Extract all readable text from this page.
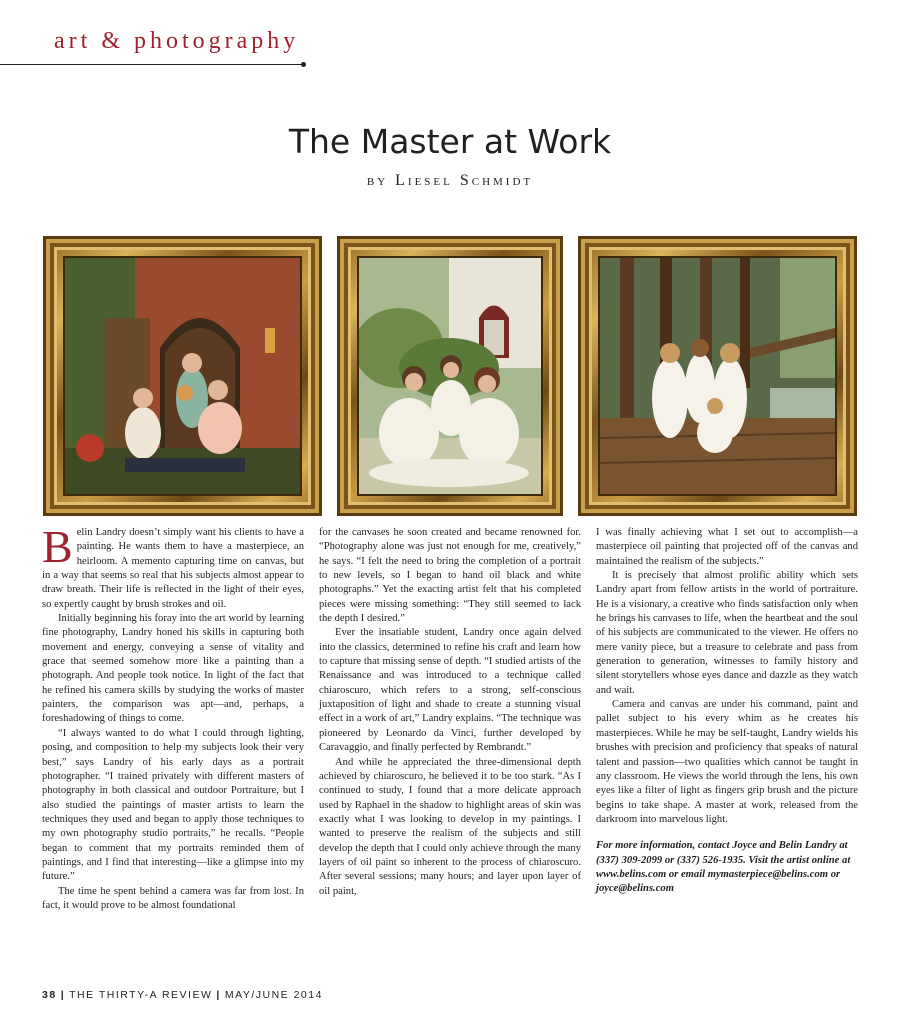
art & photography
The Master at Work
by Liesel Schmidt

Belin Landry doesn’t simply want his clients to have a painting. He wants them to have a masterpiece, an heirloom. A memento capturing time on canvas, but in a way that seems so real that his subjects almost appear to draw breath. Their life is reflected in the light of their eyes, so expertly caught by brush strokes and oil.

Initially beginning his foray into the art world by learning fine photography, Landry honed his skills in capturing both movement and energy, conveying a sense of vitality and grace that seemed somehow more like a painting than a photograph. And people took notice. In light of the fact that he refined his camera skills by studying the works of master painters, the comparison was apt—and, perhaps, a foreshadowing of things to come.

“I always wanted to do what I could through lighting, posing, and composition to help my subjects look their very best,” says Landry of his early days as a portrait photographer. “I trained privately with different masters of photography in both classical and outdoor Portraiture, but I also studied the paintings of master artists to learn the techniques they used and began to apply those techniques to my own photography studio portraits,” he recalls. “People began to comment that my portraits reminded them of paintings, and I find that interesting—like a glimpse into my future.”

The time he spent behind a camera was far from lost. In fact, it would prove to be almost foundational

for the canvases he soon created and became renowned for. “Photography alone was just not enough for me, creatively,” he says. “I felt the need to bring the completion of a portrait to new levels, so I began to hand oil black and white photographs.” Yet the exacting artist felt that his completed pieces were missing something: “They still seemed to lack the depth I desired.”

Ever the insatiable student, Landry once again delved into the classics, determined to refine his craft and learn how to capture that missing sense of depth. “I studied artists of the Renaissance and was introduced to a technique called chiaroscuro, which refers to a strong, self-conscious juxtaposition of light and shade to create a stunning visual effect in a work of art,” Landry explains. “The technique was pioneered by Leonardo da Vinci, further developed by Caravaggio, and finally perfected by Rembrandt.”

And while he appreciated the three-dimensional depth achieved by chiaroscuro, he believed it to be too stark. “As I continued to study, I found that a more delicate approach used by Raphael in the shadow to highlight areas of skin was exactly what I was looking to develop in my paintings. I wanted to preserve the realism of the subjects and still develop the depth that I could only achieve through the many layers of oil paint so inherent to the process of chiaroscuro. After several sessions; many hours; and layer upon layer of oil paint,

I was finally achieving what I set out to accomplish—a masterpiece oil painting that projected off of the canvas and maintained the realism of the subjects.”

It is precisely that almost prolific ability which sets Landry apart from fellow artists in the world of portraiture. He is a visionary, a creative who finds satisfaction only when he brings his canvases to life, when the heartbeat and the soul of his subjects are communicated to the viewer. He offers no mere vanity piece, but a treasure to celebrate and pass from generation to generation, witnesses to family history and silent storytellers whose eyes dance and dazzle as they watch and wait.

Camera and canvas are under his command, paint and pallet subject to his every whim as he creates his masterpieces. While he may be self-taught, Landry wields his brushes with precision and proficiency that speaks of natural talent and passion—two qualities which cannot be taught in any classroom. He views the world through the lens, his own eyes like a filter of light as fingers grip brush and the picture begins to take shape. A master at work, released from the darkroom into marvelous light.

For more information, contact Joyce and Belin Landry at (337) 309-2099 or (337) 526-1935. Visit the artist online at www.belins.com or email mymasterpiece@belins.com or joyce@belins.com

38 | THE THIRTY-A REVIEW | MAY/JUNE 2014
